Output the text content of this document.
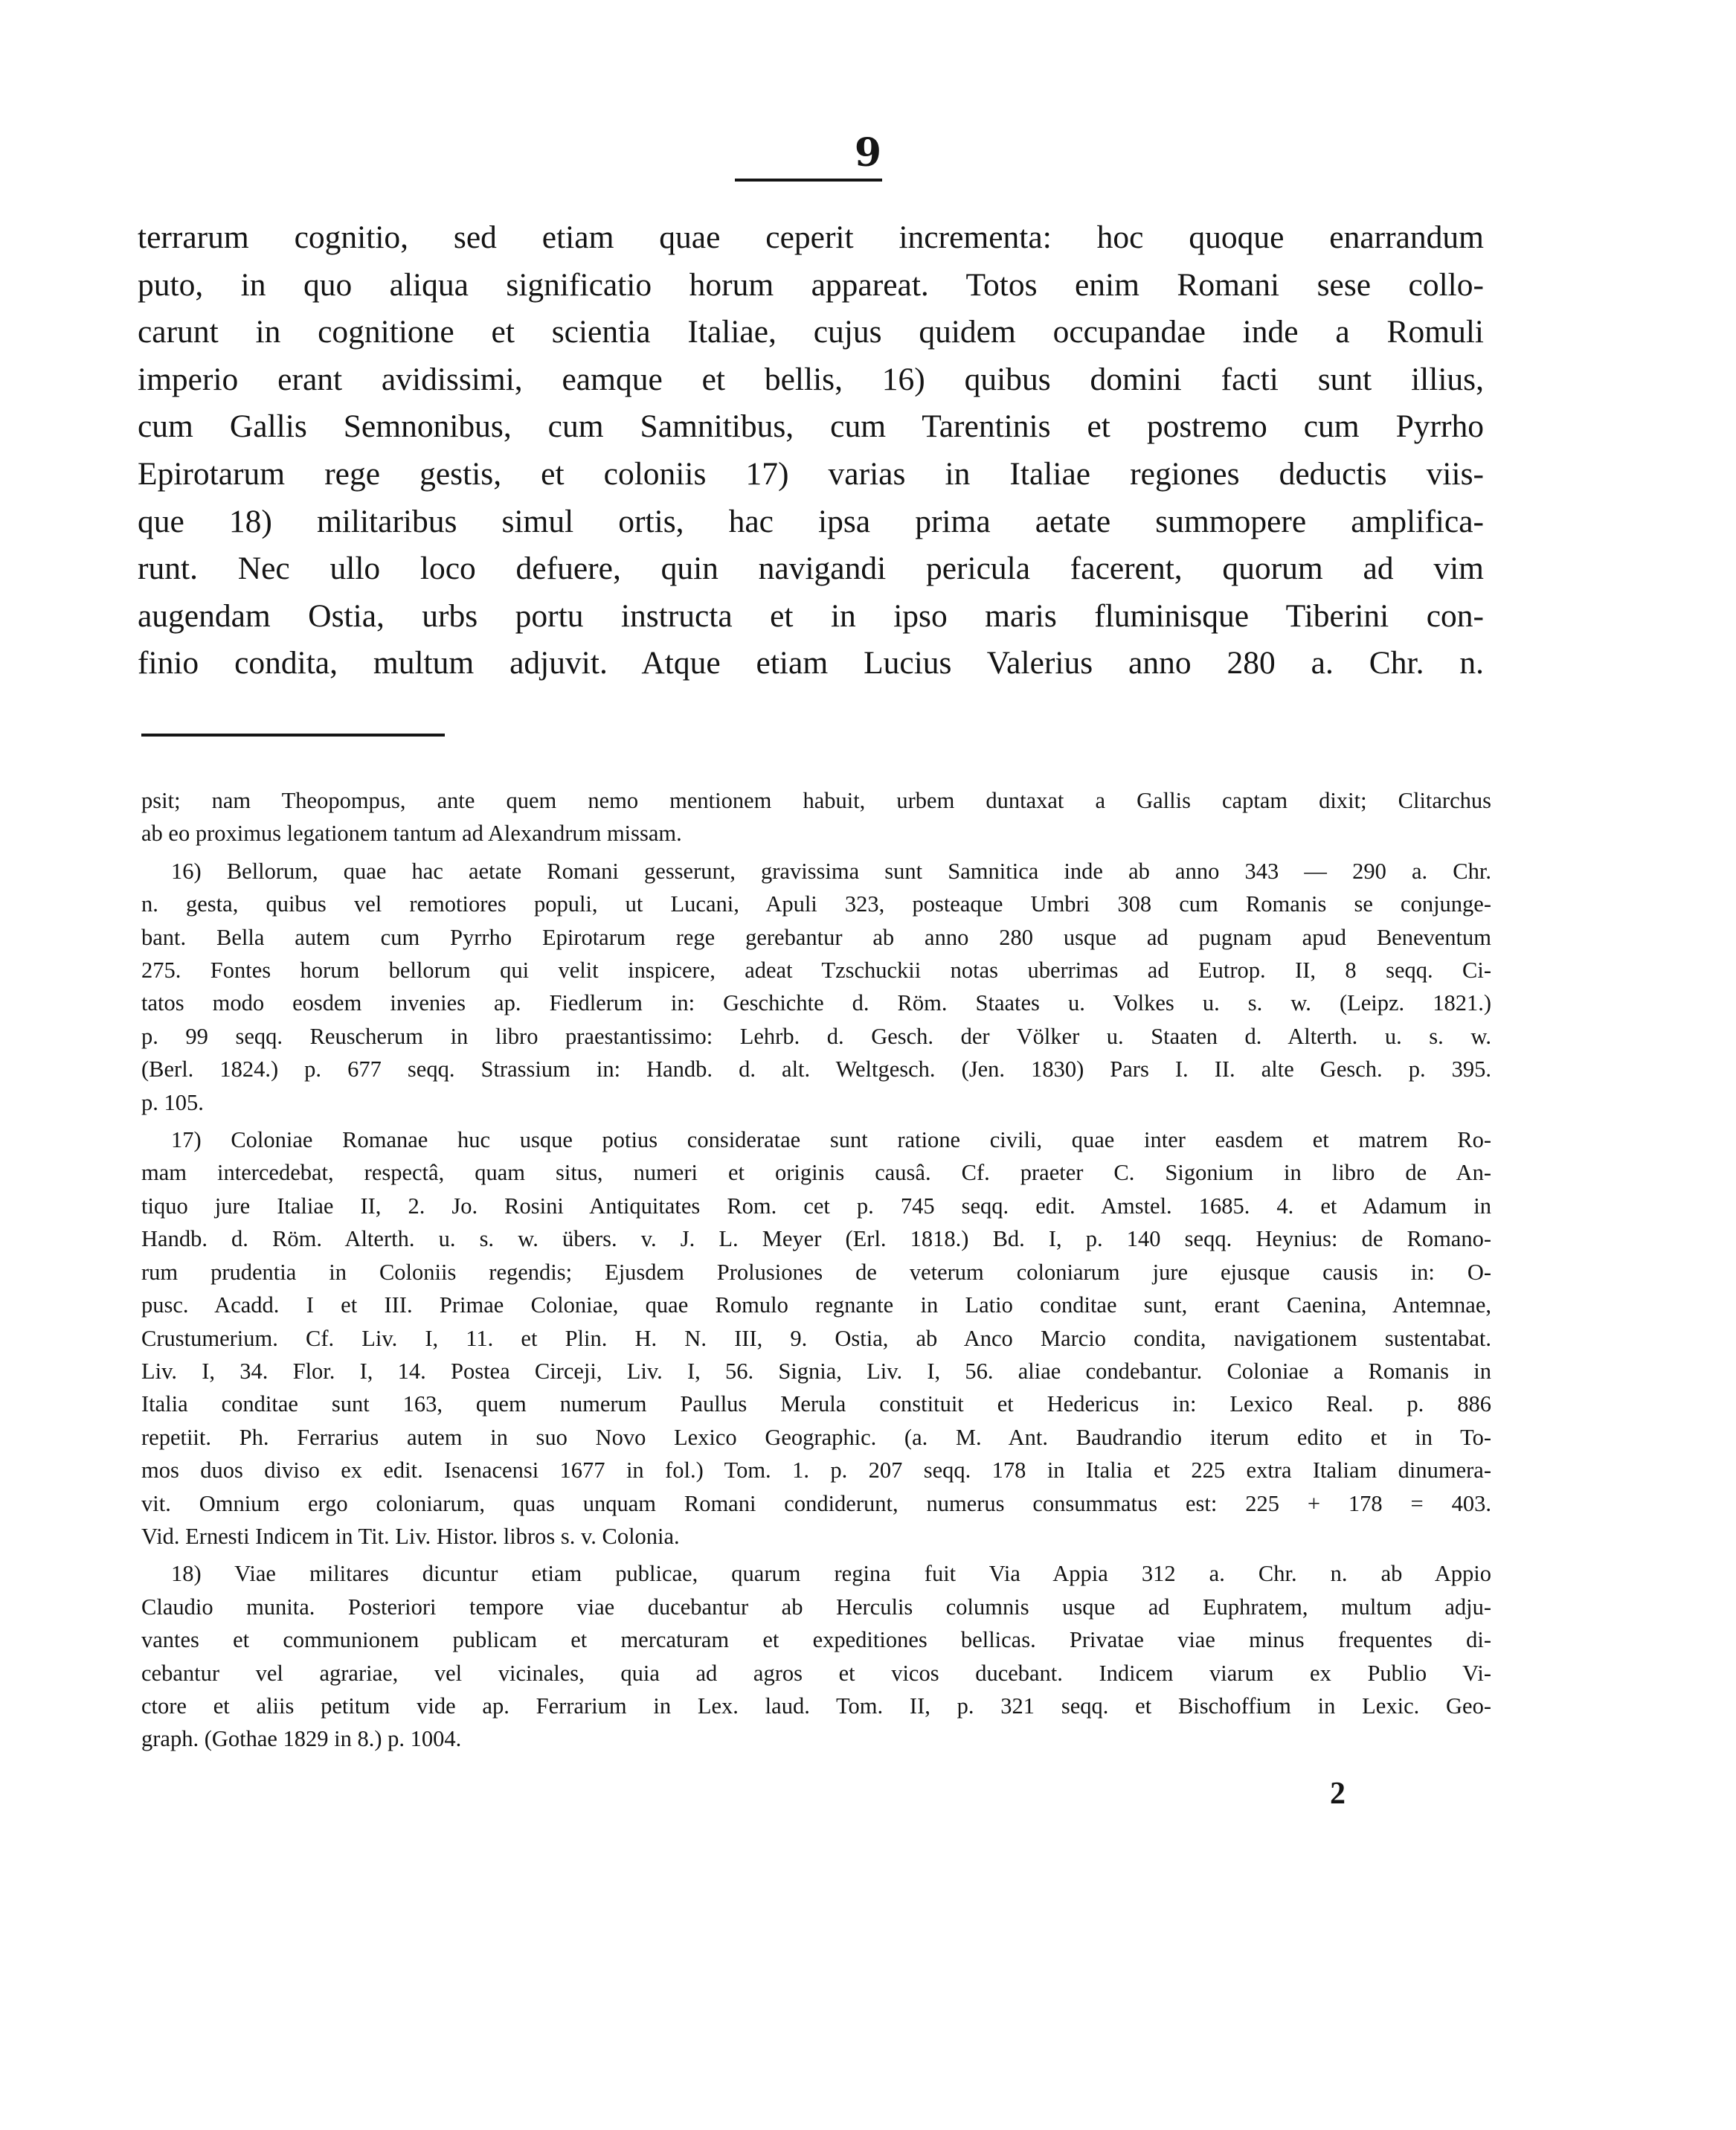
9
terrarum cognitio, sed etiam quae ceperit incrementa: hoc quoque enarrandum
puto, in quo aliqua significatio horum appareat. Totos enim Romani sese collo-
carunt in cognitione et scientia Italiae, cujus quidem occupandae inde a Romuli
imperio erant avidissimi, eamque et bellis, 16) quibus domini facti sunt illius,
cum Gallis Semnonibus, cum Samnitibus, cum Tarentinis et postremo cum Pyrrho
Epirotarum rege gestis, et coloniis 17) varias in Italiae regiones deductis viis-
que 18) militaribus simul ortis, hac ipsa prima aetate summopere amplifica-
runt. Nec ullo loco defuere, quin navigandi pericula facerent, quorum ad vim
augendam Ostia, urbs portu instructa et in ipso maris fluminisque Tiberini con-
finio condita, multum adjuvit. Atque etiam Lucius Valerius anno 280 a. Chr. n.
psit; nam Theopompus, ante quem nemo mentionem habuit, urbem duntaxat a Gallis captam dixit; Clitarchus
ab eo proximus legationem tantum ad Alexandrum missam.
16) Bellorum, quae hac aetate Romani gesserunt, gravissima sunt Samnitica inde ab anno 343 — 290 a. Chr.
n. gesta, quibus vel remotiores populi, ut Lucani, Apuli 323, posteaque Umbri 308 cum Romanis se conjunge-
bant. Bella autem cum Pyrrho Epirotarum rege gerebantur ab anno 280 usque ad pugnam apud Beneventum
275. Fontes horum bellorum qui velit inspicere, adeat Tzschuckii notas uberrimas ad Eutrop. II, 8 seqq. Ci-
tatos modo eosdem invenies ap. Fiedlerum in: Geschichte d. Röm. Staates u. Volkes u. s. w. (Leipz. 1821.)
p. 99 seqq. Reuscherum in libro praestantissimo: Lehrb. d. Gesch. der Völker u. Staaten d. Alterth. u. s. w.
(Berl. 1824.) p. 677 seqq. Strassium in: Handb. d. alt. Weltgesch. (Jen. 1830) Pars I. II. alte Gesch. p. 395.
p. 105.
17) Coloniae Romanae huc usque potius consideratae sunt ratione civili, quae inter easdem et matrem Ro-
mam intercedebat, respectâ, quam situs, numeri et originis causâ. Cf. praeter C. Sigonium in libro de An-
tiquo jure Italiae II, 2. Jo. Rosini Antiquitates Rom. cet p. 745 seqq. edit. Amstel. 1685. 4. et Adamum in
Handb. d. Röm. Alterth. u. s. w. übers. v. J. L. Meyer (Erl. 1818.) Bd. I, p. 140 seqq. Heynius: de Romano-
rum prudentia in Coloniis regendis; Ejusdem Prolusiones de veterum coloniarum jure ejusque causis in: O-
pusc. Acadd. I et III. Primae Coloniae, quae Romulo regnante in Latio conditae sunt, erant Caenina, Antemnae,
Crustumerium. Cf. Liv. I, 11. et Plin. H. N. III, 9. Ostia, ab Anco Marcio condita, navigationem sustentabat.
Liv. I, 34. Flor. I, 14. Postea Circeji, Liv. I, 56. Signia, Liv. I, 56. aliae condebantur. Coloniae a Romanis in
Italia conditae sunt 163, quem numerum Paullus Merula constituit et Hedericus in: Lexico Real. p. 886
repetiit. Ph. Ferrarius autem in suo Novo Lexico Geographic. (a. M. Ant. Baudrandio iterum edito et in To-
mos duos diviso ex edit. Isenacensi 1677 in fol.) Tom. 1. p. 207 seqq. 178 in Italia et 225 extra Italiam dinumera-
vit. Omnium ergo coloniarum, quas unquam Romani condiderunt, numerus consummatus est: 225 + 178 = 403.
Vid. Ernesti Indicem in Tit. Liv. Histor. libros s. v. Colonia.
18) Viae militares dicuntur etiam publicae, quarum regina fuit Via Appia 312 a. Chr. n. ab Appio
Claudio munita. Posteriori tempore viae ducebantur ab Herculis columnis usque ad Euphratem, multum adju-
vantes et communionem publicam et mercaturam et expeditiones bellicas. Privatae viae minus frequentes di-
cebantur vel agrariae, vel vicinales, quia ad agros et vicos ducebant. Indicem viarum ex Publio Vi-
ctore et aliis petitum vide ap. Ferrarium in Lex. laud. Tom. II, p. 321 seqq. et Bischoffium in Lexic. Geo-
graph. (Gothae 1829 in 8.) p. 1004.
2
